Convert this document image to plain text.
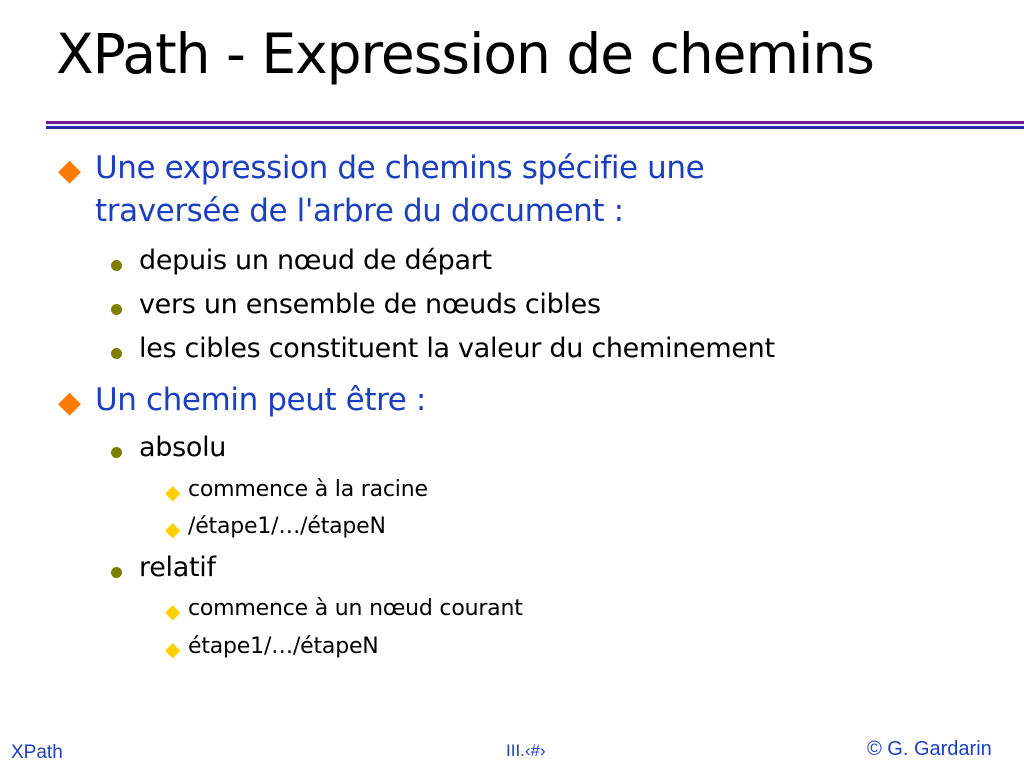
XPath - Expression de chemins
◆ Une expression de chemins spécifie une
traversée de l'arbre du document :
depuis un nœud de départ
vers un ensemble de nœuds cibles
les cibles constituent la valeur du cheminement
◆ Un chemin peut être :
absolu
◆ commence à la racine
◆ /étape1/…/étapeN
relatif
◆ commence à un nœud courant
◆ étape1/…/étapeN
XPath	III.‹#›	© G. Gardarin
